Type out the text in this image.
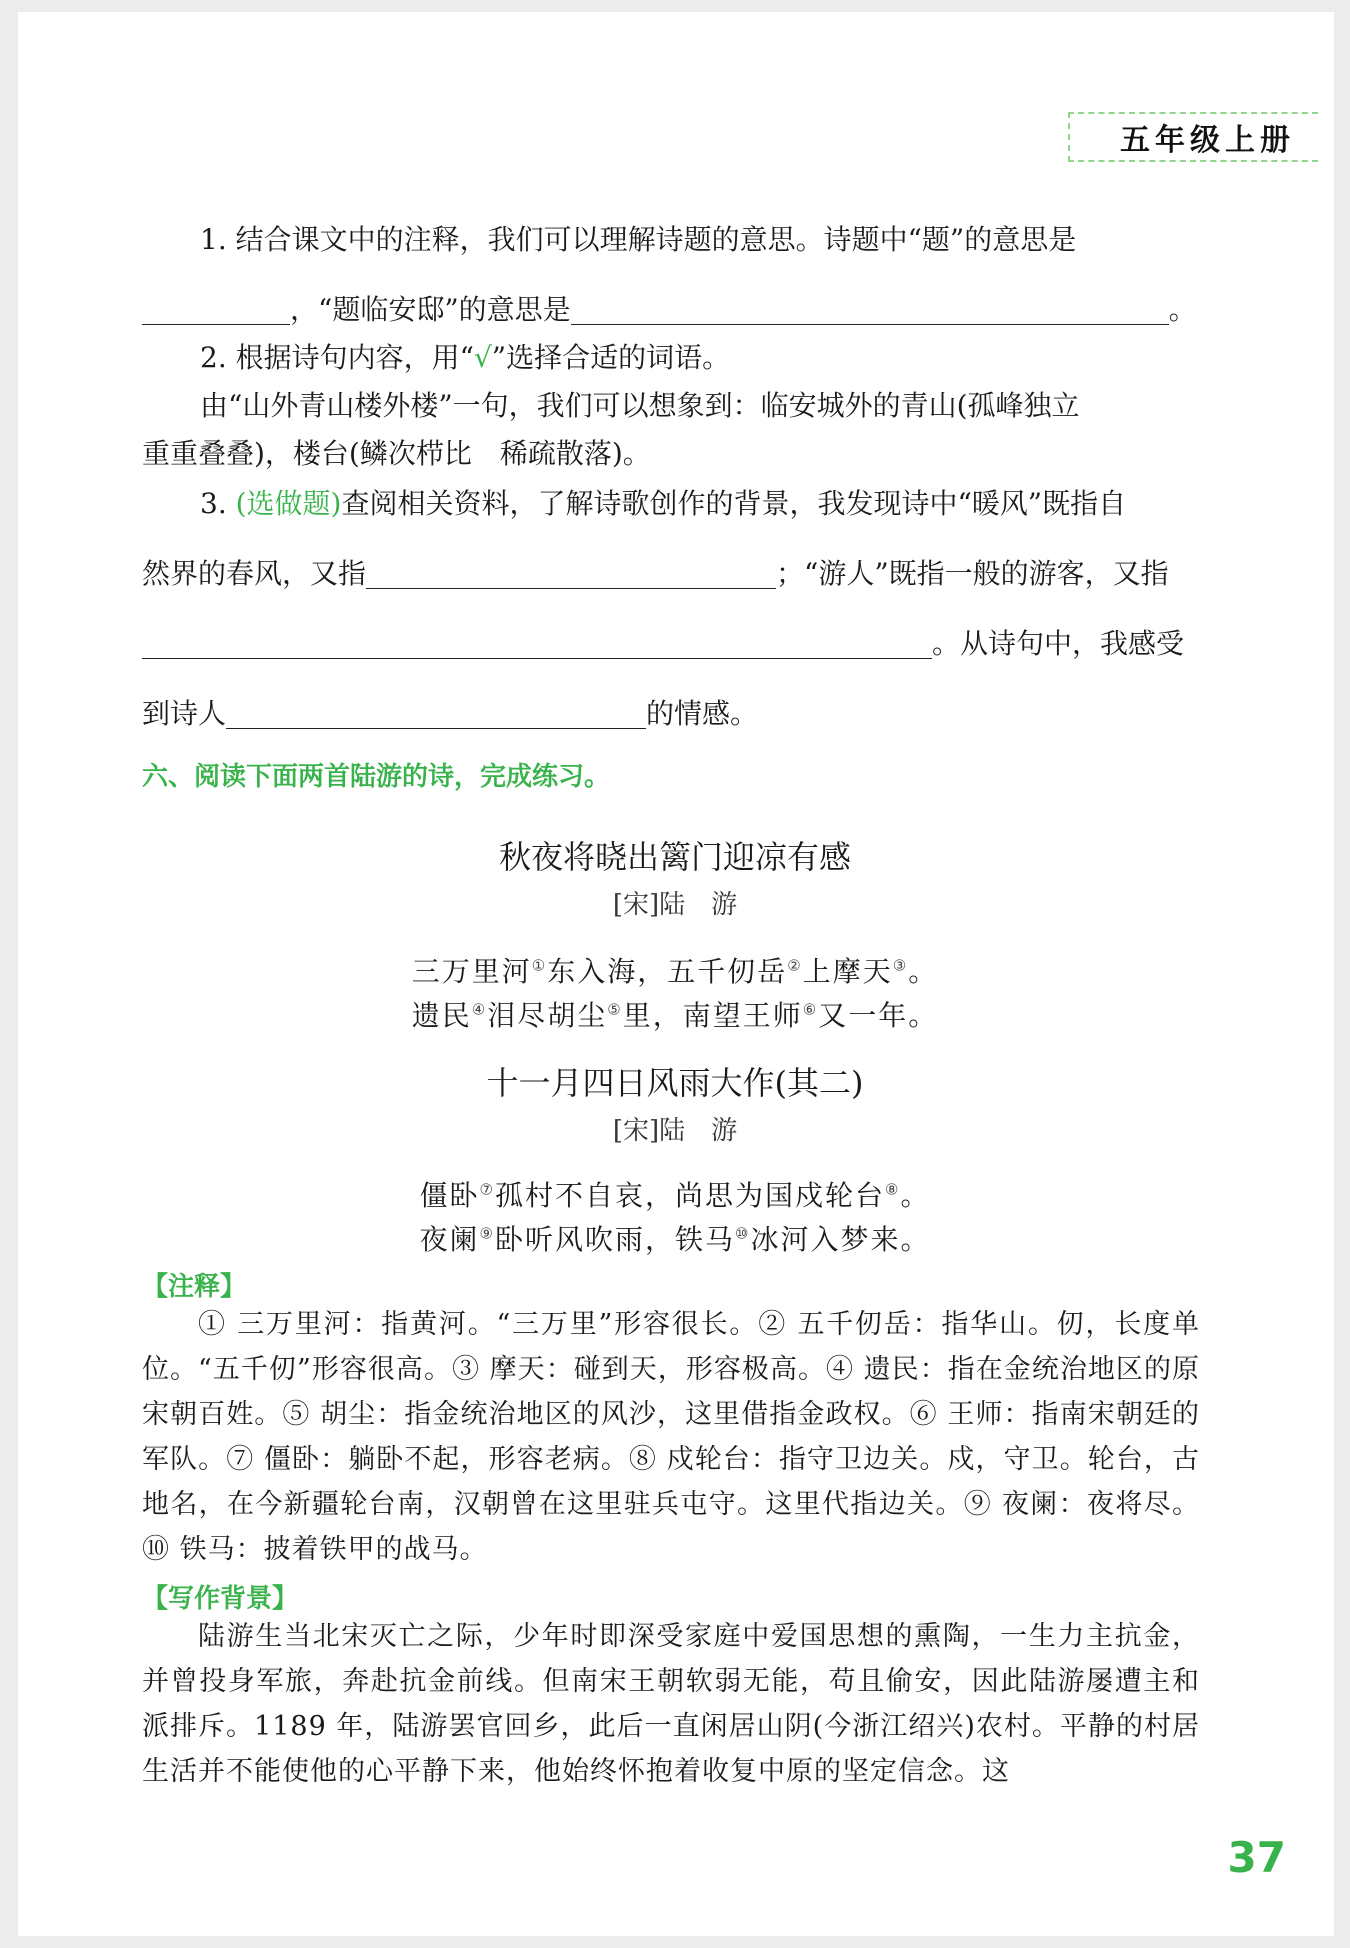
五年级上册
1. 结合课文中的注释，我们可以理解诗题的意思。诗题中“题”的意思是
，“题临安邸”的意思是	。
2. 根据诗句内容，用“√”选择合适的词语。
由“山外青山楼外楼”一句，我们可以想象到：临安城外的青山(孤峰独立
重重叠叠)，楼台(鳞次栉比　稀疏散落)。
3. (选做题)查阅相关资料，了解诗歌创作的背景，我发现诗中“暖风”既指自
然界的春风，又指	；“游人”既指一般的游客，又指
。从诗句中，我感受
到诗人	的情感。
六、阅读下面两首陆游的诗，完成练习。
秋夜将晓出篱门迎凉有感
[宋]陆　游
三万里河①东入海，五千仞岳②上摩天③。
遗民④泪尽胡尘⑤里，南望王师⑥又一年。
十一月四日风雨大作(其二)
[宋]陆　游
僵卧⑦孤村不自哀，尚思为国戍轮台⑧。
夜阑⑨卧听风吹雨，铁马⑩冰河入梦来。
【注释】

① 三万里河：指黄河。“三万里”形容很长。② 五千仞岳：指华山。仞，长度单位。“五千仞”形容很高。③ 摩天：碰到天，形容极高。④ 遗民：指在金统治地区的原宋朝百姓。⑤ 胡尘：指金统治地区的风沙，这里借指金政权。⑥ 王师：指南宋朝廷的军队。⑦ 僵卧：躺卧不起，形容老病。⑧ 戍轮台：指守卫边关。戍，守卫。轮台，古地名，在今新疆轮台南，汉朝曾在这里驻兵屯守。这里代指边关。⑨ 夜阑：夜将尽。⑩ 铁马：披着铁甲的战马。

【写作背景】

陆游生当北宋灭亡之际，少年时即深受家庭中爱国思想的熏陶，一生力主抗金，并曾投身军旅，奔赴抗金前线。但南宋王朝软弱无能，苟且偷安，因此陆游屡遭主和派排斥。1189 年，陆游罢官回乡，此后一直闲居山阴(今浙江绍兴)农村。平静的村居生活并不能使他的心平静下来，他始终怀抱着收复中原的坚定信念。这

37
